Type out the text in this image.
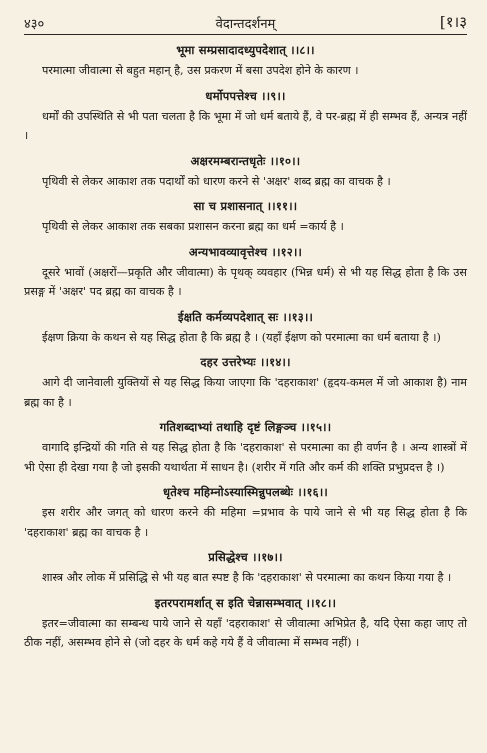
४३०	वेदान्तदर्शनम्	[१।३
भूमा सम्प्रसादादध्युपदेशात् ।।८।।

परमात्मा जीवात्मा से बहुत महान् है, उस प्रकरण में बसा उपदेश होने के कारण ।

धर्मोपपत्तेश्च ।।९।।

धर्मों की उपस्थिति से भी पता चलता है कि भूमा में जो धर्म बताये हैं, वे पर-ब्रह्म में ही सम्भव हैं, अन्यत्र नहीं ।

अक्षरमम्बरान्तधृतेः ।।१०।।

पृथिवी से लेकर आकाश तक पदार्थों को धारण करने से 'अक्षर' शब्द ब्रह्म का वाचक है ।

सा च प्रशासनात् ।।११।।

पृथिवी से लेकर आकाश तक सबका प्रशासन करना ब्रह्म का धर्म =कार्य है ।

अन्यभावव्यावृत्तेश्च ।।१२।।

दूसरे भावों (अक्षरों—प्रकृति और जीवात्मा) के पृथक् व्यवहार (भिन्न धर्म) से भी यह सिद्ध होता है कि उस प्रसङ्ग में 'अक्षर' पद ब्रह्म का वाचक है ।

ईक्षति कर्मव्यपदेशात् सः ।।१३।।

ईक्षण क्रिया के कथन से यह सिद्ध होता है कि ब्रह्म है । (यहाँ ईक्षण को परमात्मा का धर्म बताया है ।)

दहर उत्तरेभ्यः ।।१४।।

आगे दी जानेवाली युक्तियों से यह सिद्ध किया जाएगा कि 'दहराकाश' (हृदय-कमल में जो आकाश है) नाम ब्रह्म का है ।

गतिशब्दाभ्यां तथाहि दृष्टं लिङ्गञ्च ।।१५।।

वागादि इन्द्रियों की गति से यह सिद्ध होता है कि 'दहराकाश' से परमात्मा का ही वर्णन है । अन्य शास्त्रों में भी ऐसा ही देखा गया है जो इसकी यथार्थता में साधन है। (शरीर में गति और कर्म की शक्ति प्रभुप्रदत्त है ।)

धृतेश्च महिम्नोऽस्यास्मिन्नुपलब्धेः ।।१६।।

इस शरीर और जगत् को धारण करने की महिमा =प्रभाव के पाये जाने से भी यह सिद्ध होता है कि 'दहराकाश' ब्रह्म का वाचक है ।

प्रसिद्धेश्च ।।१७।।

शास्त्र और लोक में प्रसिद्धि से भी यह बात स्पष्ट है कि 'दहराकाश' से परमात्मा का कथन किया गया है ।

इतरपरामर्शात् स इति चेन्नासम्भवात् ।।१८।।

इतर=जीवात्मा का सम्बन्ध पाये जाने से यहाँ 'दहराकाश' से जीवात्मा अभिप्रेत है, यदि ऐसा कहा जाए तो ठीक नहीं, असम्भव होने से (जो दहर के धर्म कहे गये हैं वे जीवात्मा में सम्भव नहीं) ।
